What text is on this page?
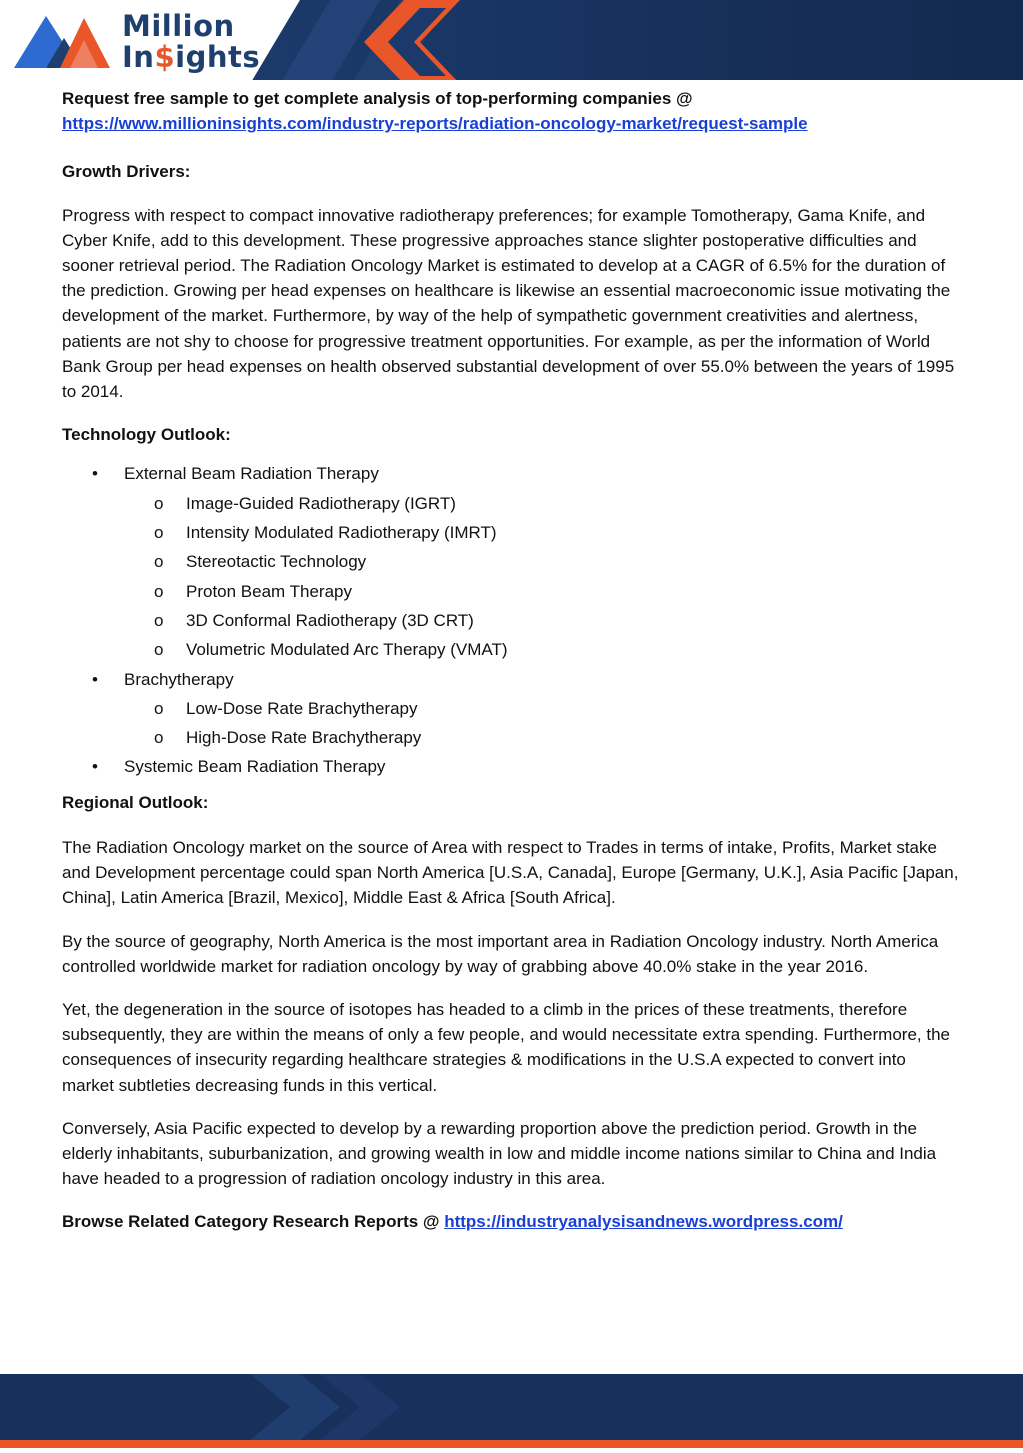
Million
In$ights

Request free sample to get complete analysis of top-performing companies @

https://www.millioninsights.com/industry-reports/radiation-oncology-market/request-sample

Growth Drivers:

Progress with respect to compact innovative radiotherapy preferences; for example Tomotherapy, Gama Knife, and Cyber Knife, add to this development. These progressive approaches stance slighter postoperative difficulties and sooner retrieval period. The Radiation Oncology Market is estimated to develop at a CAGR of 6.5% for the duration of the prediction. Growing per head expenses on healthcare is likewise an essential macroeconomic issue motivating the development of the market. Furthermore, by way of the help of sympathetic government creativities and alertness, patients are not shy to choose for progressive treatment opportunities. For example, as per the information of World Bank Group per head expenses on health observed substantial development of over 55.0% between the years of 1995 to 2014.

Technology Outlook:

• External Beam Radiation Therapy
o Image-Guided Radiotherapy (IGRT)
o Intensity Modulated Radiotherapy (IMRT)
o Stereotactic Technology
o Proton Beam Therapy
o 3D Conformal Radiotherapy (3D CRT)
o Volumetric Modulated Arc Therapy (VMAT)
• Brachytherapy
o Low-Dose Rate Brachytherapy
o High-Dose Rate Brachytherapy
• Systemic Beam Radiation Therapy

Regional Outlook:

The Radiation Oncology market on the source of Area with respect to Trades in terms of intake, Profits, Market stake and Development percentage could span North America [U.S.A, Canada], Europe [Germany, U.K.], Asia Pacific [Japan, China], Latin America [Brazil, Mexico], Middle East & Africa [South Africa].

By the source of geography, North America is the most important area in Radiation Oncology industry. North America controlled worldwide market for radiation oncology by way of grabbing above 40.0% stake in the year 2016.

Yet, the degeneration in the source of isotopes has headed to a climb in the prices of these treatments, therefore subsequently, they are within the means of only a few people, and would necessitate extra spending. Furthermore, the consequences of insecurity regarding healthcare strategies & modifications in the U.S.A expected to convert into market subtleties decreasing funds in this vertical.

Conversely, Asia Pacific expected to develop by a rewarding proportion above the prediction period. Growth in the elderly inhabitants, suburbanization, and growing wealth in low and middle income nations similar to China and India have headed to a progression of radiation oncology industry in this area.

Browse Related Category Research Reports @ https://industryanalysisandnews.wordpress.com/
